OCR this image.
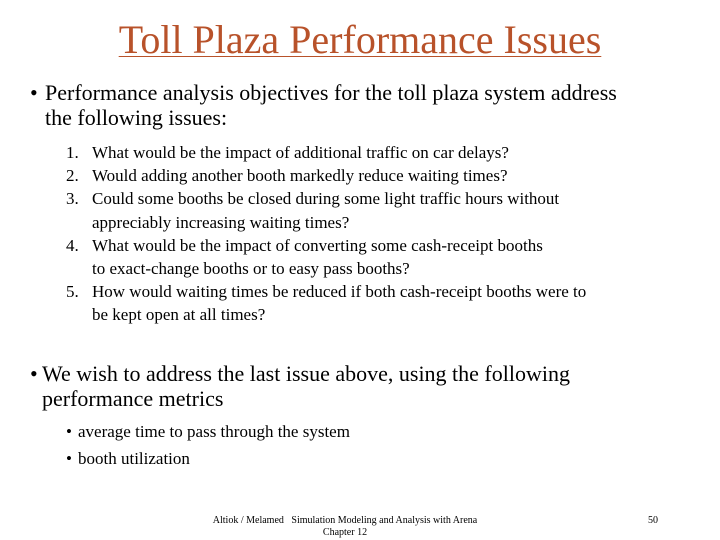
Toll Plaza Performance Issues
• Performance analysis objectives for the toll plaza system address
the following issues:
1. What would be the impact of additional traffic on car delays?
2. Would adding another booth markedly reduce waiting times?
3. Could some booths be closed during some light traffic hours without
appreciably increasing waiting times?
4. What would be the impact of converting some cash-receipt booths
to exact-change booths or to easy pass booths?
5. How would waiting times be reduced if both cash-receipt booths were to
be kept open at all times?
• We wish to address the last issue above, using the following
performance metrics
• average time to pass through the system
• booth utilization
Altiok / Melamed   Simulation Modeling and Analysis with Arena
Chapter 12
50
